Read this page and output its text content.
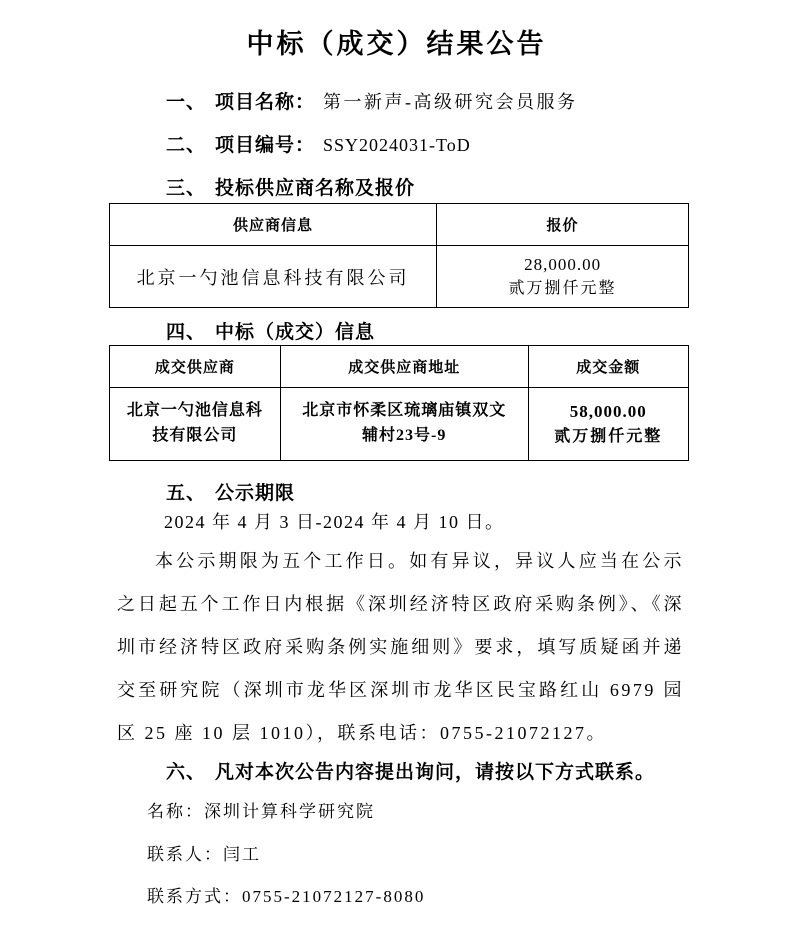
中标（成交）结果公告
一、 项目名称： 第一新声-高级研究会员服务
二、 项目编号： SSY2024031-ToD
三、 投标供应商名称及报价
供应商信息	报价
北京一勺池信息科技有限公司	28,000.00
贰万捌仟元整
四、 中标（成交）信息
成交供应商	成交供应商地址	成交金额
北京一勺池信息科技有限公司	北京市怀柔区琉璃庙镇双文辅村23号-9	58,000.00
贰万捌仟元整
五、 公示期限
2024 年 4 月 3 日-2024 年 4 月 10 日。
本公示期限为五个工作日。如有异议，异议人应当在公示之日起五个工作日内根据《深圳经济特区政府采购条例》、《深圳市经济特区政府采购条例实施细则》要求，填写质疑函并递交至研究院（深圳市龙华区深圳市龙华区民宝路红山 6979 园区 25 座 10 层 1010），联系电话：0755-21072127。
六、 凡对本次公告内容提出询问，请按以下方式联系。
名称：深圳计算科学研究院
联系人：闫工
联系方式：0755-21072127-8080
